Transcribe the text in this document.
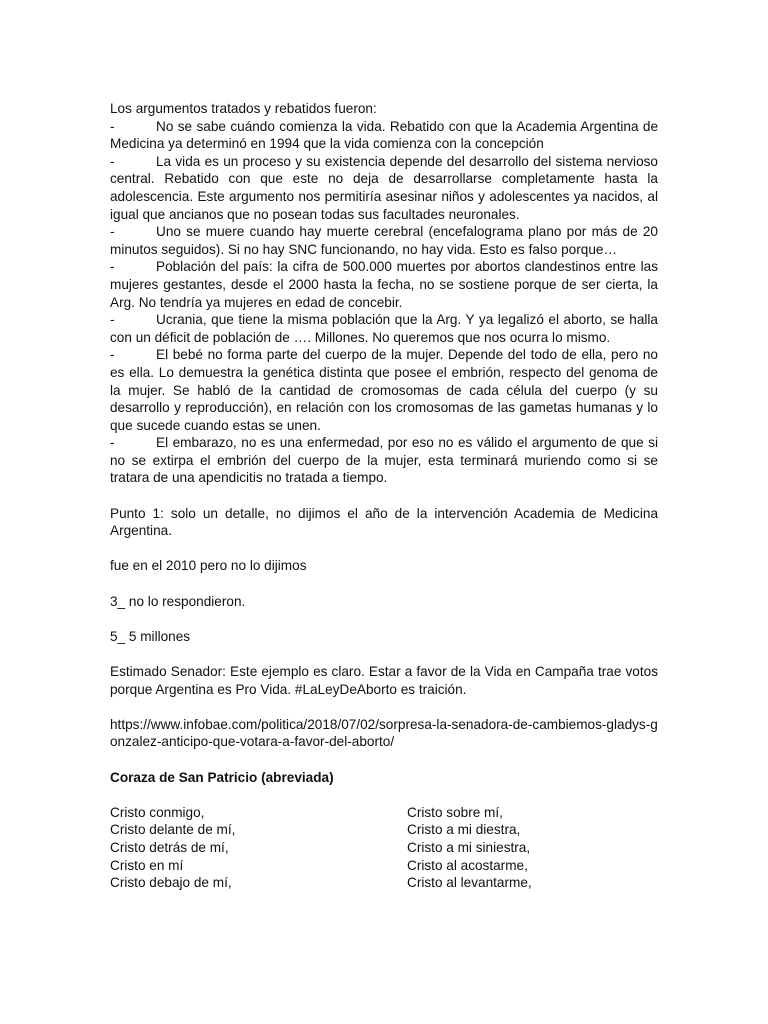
Los argumentos tratados y rebatidos fueron:

-	No se sabe cuándo comienza la vida. Rebatido con que la Academia Argentina de Medicina ya determinó en 1994 que la vida comienza con la concepción

-	La vida es un proceso y su existencia depende del desarrollo del sistema nervioso central. Rebatido con que este no deja de desarrollarse completamente hasta la adolescencia. Este argumento nos permitiría asesinar niños y adolescentes ya nacidos, al igual que ancianos que no posean todas sus facultades neuronales.

-	Uno se muere cuando hay muerte cerebral (encefalograma plano por más de 20 minutos seguidos). Si no hay SNC funcionando, no hay vida. Esto es falso porque…

-	Población del país: la cifra de 500.000 muertes por abortos clandestinos entre las mujeres gestantes, desde el 2000 hasta la fecha, no se sostiene porque de ser cierta, la Arg. No tendría ya mujeres en edad de concebir.

-	Ucrania, que tiene la misma población que la Arg. Y ya legalizó el aborto, se halla con un déficit de población de …. Millones. No queremos que nos ocurra lo mismo.

-	El bebé no forma parte del cuerpo de la mujer. Depende del todo de ella, pero no es ella. Lo demuestra la genética distinta que posee el embrión, respecto del genoma de la mujer. Se habló de la cantidad de cromosomas de cada célula del cuerpo (y su desarrollo y reproducción), en relación con los cromosomas de las gametas humanas y lo que sucede cuando estas se unen.

-	El embarazo, no es una enfermedad, por eso no es válido el argumento de que si no se extirpa el embrión del cuerpo de la mujer, esta terminará muriendo como si se tratara de una apendicitis no tratada a tiempo.

Punto 1: solo un detalle, no dijimos el año de la intervención Academia de Medicina Argentina.

fue en el 2010 pero no lo dijimos

3_ no lo respondieron.

5_ 5 millones

Estimado Senador: Este ejemplo es claro. Estar a favor de la Vida en Campaña trae votos porque Argentina es Pro Vida. #LaLeyDeAborto es traición.

https://www.infobae.com/politica/2018/07/02/sorpresa-la-senadora-de-cambiemos-gladys-gonzalez-anticipo-que-votara-a-favor-del-aborto/

Coraza de San Patricio (abreviada)

Cristo conmigo,
Cristo delante de mí,
Cristo detrás de mí,
Cristo en mí
Cristo debajo de mí,
Cristo sobre mí,
Cristo a mi diestra,
Cristo a mi siniestra,
Cristo al acostarme,
Cristo al levantarme,
